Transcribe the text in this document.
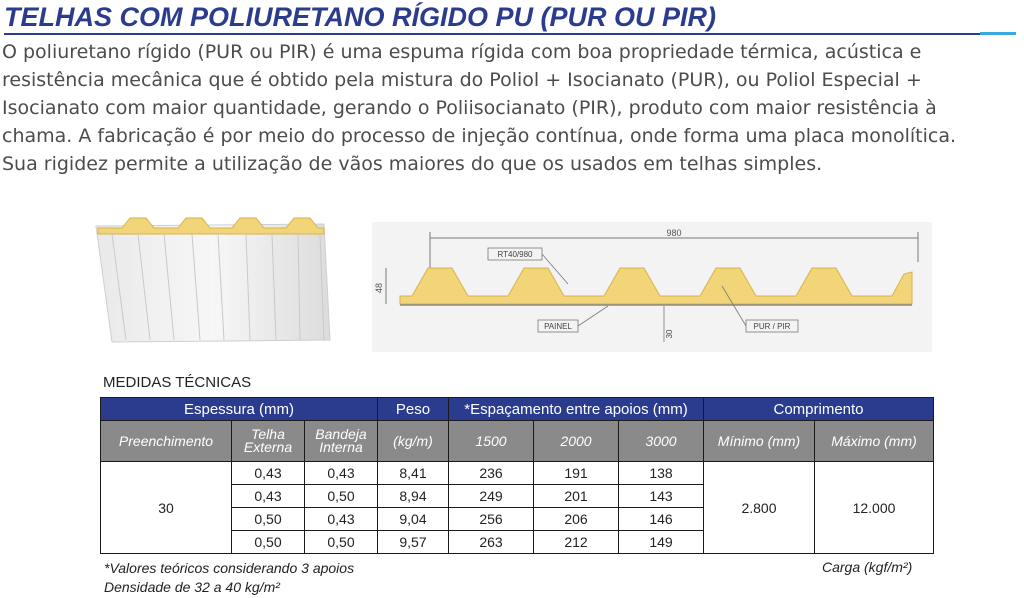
TELHAS COM POLIURETANO RÍGIDO PU (PUR OU PIR)

O poliuretano rígido (PUR ou PIR) é uma espuma rígida com boa propriedade térmica, acústica e

resistência mecânica que é obtido pela mistura do Poliol + Isocianato (PUR), ou Poliol Especial +

Isocianato com maior quantidade, gerando o Poliisocianato (PIR), produto com maior resistência à

chama. A fabricação é por meio do processo de injeção contínua, onde forma uma placa monolítica.

Sua rigidez permite a utilização de vãos maiores do que os usados em telhas simples.

980
48
RT40/980
PAINEL	PUR / PIR
30
MEDIDAS TÉCNICAS
Espessura (mm)			Peso	*Espaçamento entre apoios (mm)			Comprimento	
Preenchimento	Telha Externa	Bandeja Interna	(kg/m)	1500	2000	3000	Mínimo (mm)	Máximo (mm)
30	0,43	0,43	8,41	236	191	138	2.800	12.000
	0,43	0,50	8,94	249	201	143		
	0,50	0,43	9,04	256	206	146		
	0,50	0,50	9,57	263	212	149		
*Valores teóricos considerando 3 apoios
Densidade de 32 a 40 kg/m²
Carga (kgf/m²)
